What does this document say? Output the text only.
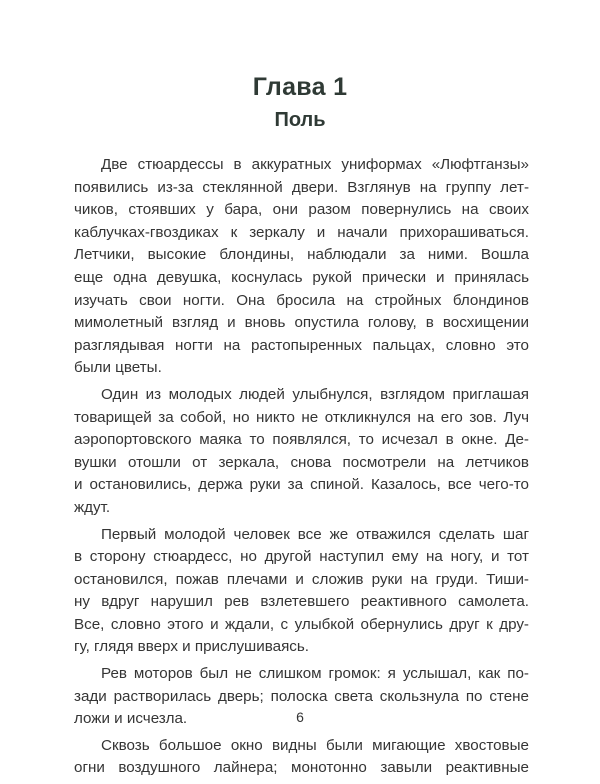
Глава 1
Поль
Две стюардессы в аккуратных униформах «Люфтганзы»
появились из-за стеклянной двери. Взглянув на группу лет-
чиков, стоявших у бара, они разом повернулись на своих
каблучках-гвоздиках к зеркалу и начали прихорашиваться.
Летчики, высокие блондины, наблюдали за ними. Вошла
еще одна девушка, коснулась рукой прически и принялась
изучать свои ногти. Она бросила на стройных блондинов
мимолетный взгляд и вновь опустила голову, в восхищении
разглядывая ногти на растопыренных пальцах, словно это
были цветы.
Один из молодых людей улыбнулся, взглядом приглашая
товарищей за собой, но никто не откликнулся на его зов. Луч
аэропортовского маяка то появлялся, то исчезал в окне. Де-
вушки отошли от зеркала, снова посмотрели на летчиков
и остановились, держа руки за спиной. Казалось, все чего-то
ждут.
Первый молодой человек все же отважился сделать шаг
в сторону стюардесс, но другой наступил ему на ногу, и тот
остановился, пожав плечами и сложив руки на груди. Тиши-
ну вдруг нарушил рев взлетевшего реактивного самолета.
Все, словно этого и ждали, с улыбкой обернулись друг к дру-
гу, глядя вверх и прислушиваясь.
Рев моторов был не слишком громок: я услышал, как по-
зади растворилась дверь; полоска света скользнула по стене
ложи и исчезла.
Сквозь большое окно видны были мигающие хвостовые
огни воздушного лайнера; монотонно завыли реактивные
6
